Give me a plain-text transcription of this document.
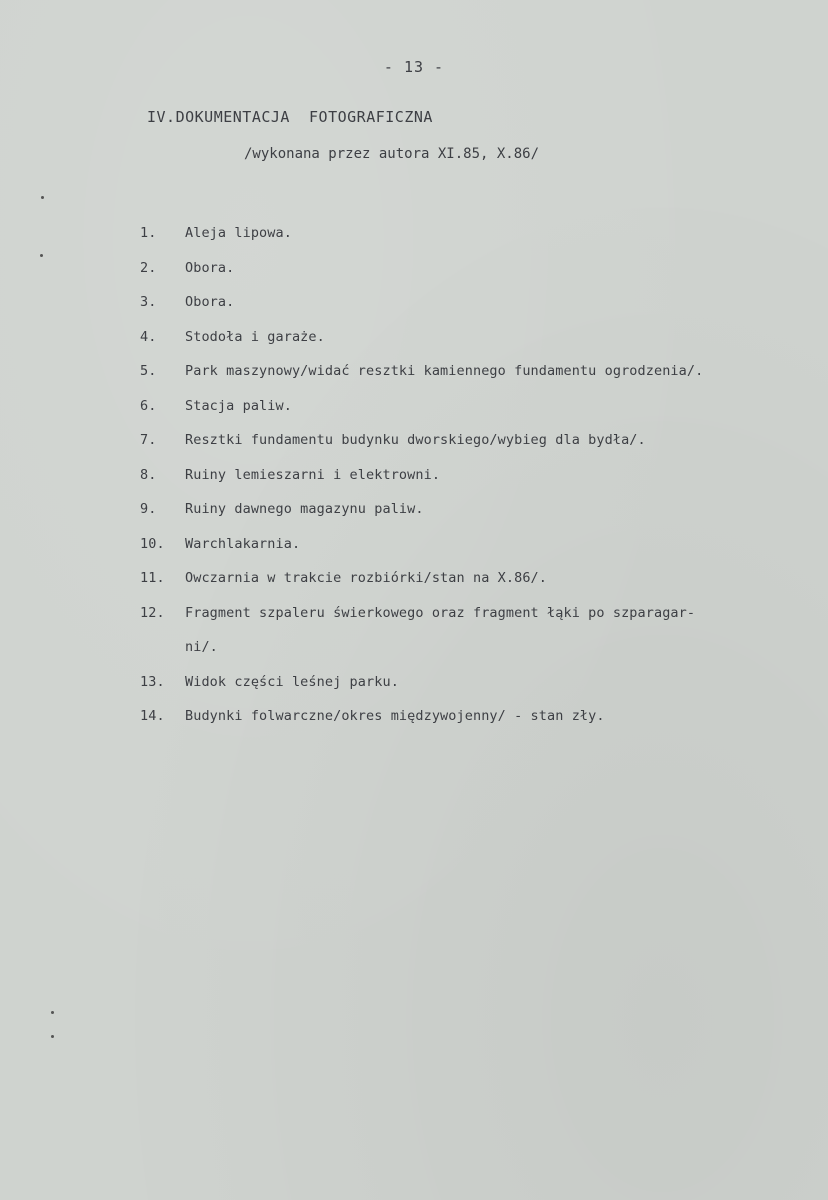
- 13 -
IV.DOKUMENTACJA  FOTOGRAFICZNA
/wykonana przez autora XI.85, X.86/
1.	Aleja lipowa.
2.	Obora.
3.	Obora.
4.	Stodoła i garaże.
5.	Park maszynowy/widać resztki kamiennego fundamentu ogrodzenia/.
6.	Stacja paliw.
7.	Resztki fundamentu budynku dworskiego/wybieg dla bydła/.
8.	Ruiny lemieszarni i elektrowni.
9.	Ruiny dawnego magazynu paliw.
10.	Warchlakarnia.
11.	Owczarnia w trakcie rozbiórki/stan na X.86/.
12.	Fragment szpaleru świerkowego oraz fragment łąki po szparagar-
ni/.
13.	Widok części leśnej parku.
14.	Budynki folwarczne/okres międzywojenny/ - stan zły.
